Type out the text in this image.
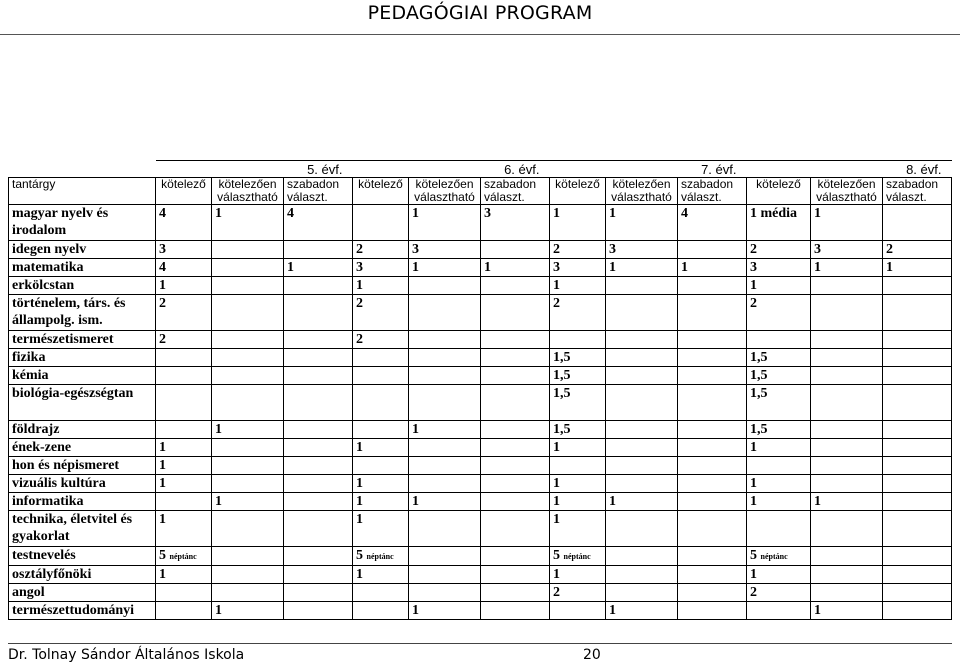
PEDAGÓGIAI PROGRAM
	5. évf.			6. évf.			7. évf.			8. évf.		
tantárgy	kötelező	kötelezően választható	szabadon választ.	kötelező	kötelezően választható	szabadon választ.	kötelező	kötelezően választható	szabadon választ.	kötelező	kötelezően választható	szabadon választ.
magyar nyelv és irodalom	4	1	4		1	3	1	1	4	1 média	1	
idegen nyelv	3			2	3		2	3		2	3	2
matematika	4		1	3	1	1	3	1	1	3	1	1
erkölcstan	1			1			1			1		
történelem, társ. és állampolg. ism.	2			2			2			2		
természetismeret	2			2								
fizika							1,5			1,5		
kémia							1,5			1,5		
biológia-egészségtan							1,5			1,5		
földrajz		1			1		1,5			1,5		
ének-zene	1			1			1			1		
hon és népismeret	1											
vizuális kultúra	1			1			1			1		
informatika		1		1	1		1	1		1	1	
technika, életvitel és gyakorlat	1			1			1					
testnevelés	5 néptánc			5 néptánc			5 néptánc			5 néptánc		
osztályfőnöki	1			1			1			1		
angol							2			2		
természettudományi		1			1			1			1	
Dr. Tolnay Sándor Általános Iskola	20
